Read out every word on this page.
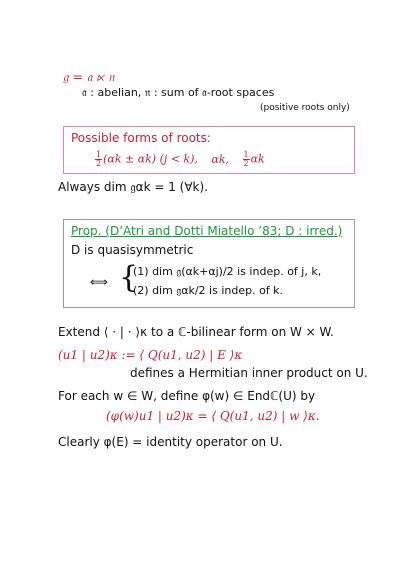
𝔤 = 𝔞 ⋉ 𝔫
𝔞 : abelian, 𝔫 : sum of 𝔞-root spaces
(positive roots only)
Possible forms of roots:
$\frac{1}{2} (\alpha k \pm \alpha k) (j < k)$, αk, $\frac{1}{2}$ αk
Always dim 𝔤αk = 1 (∀k).
Prop. (D’Atri and Dotti Miatello ’83; D : irred.)
D is quasisymmetric
⟺ {
(1) dim 𝔤(αk+αj)/2 is indep. of j, k,
(2) dim 𝔤αk/2 is indep. of k.
Extend ⟨ · | · ⟩κ to a ℂ-bilinear form on W × W.
(u1 | u2)κ := ⟨ Q(u1, u2) | E ⟩κ
defines a Hermitian inner product on U.
For each w ∈ W, define φ(w) ∈ Endℂ(U) by
(φ(w)u1 | u2)κ = ⟨ Q(u1, u2) | w ⟩κ.
Clearly φ(E) = identity operator on U.
